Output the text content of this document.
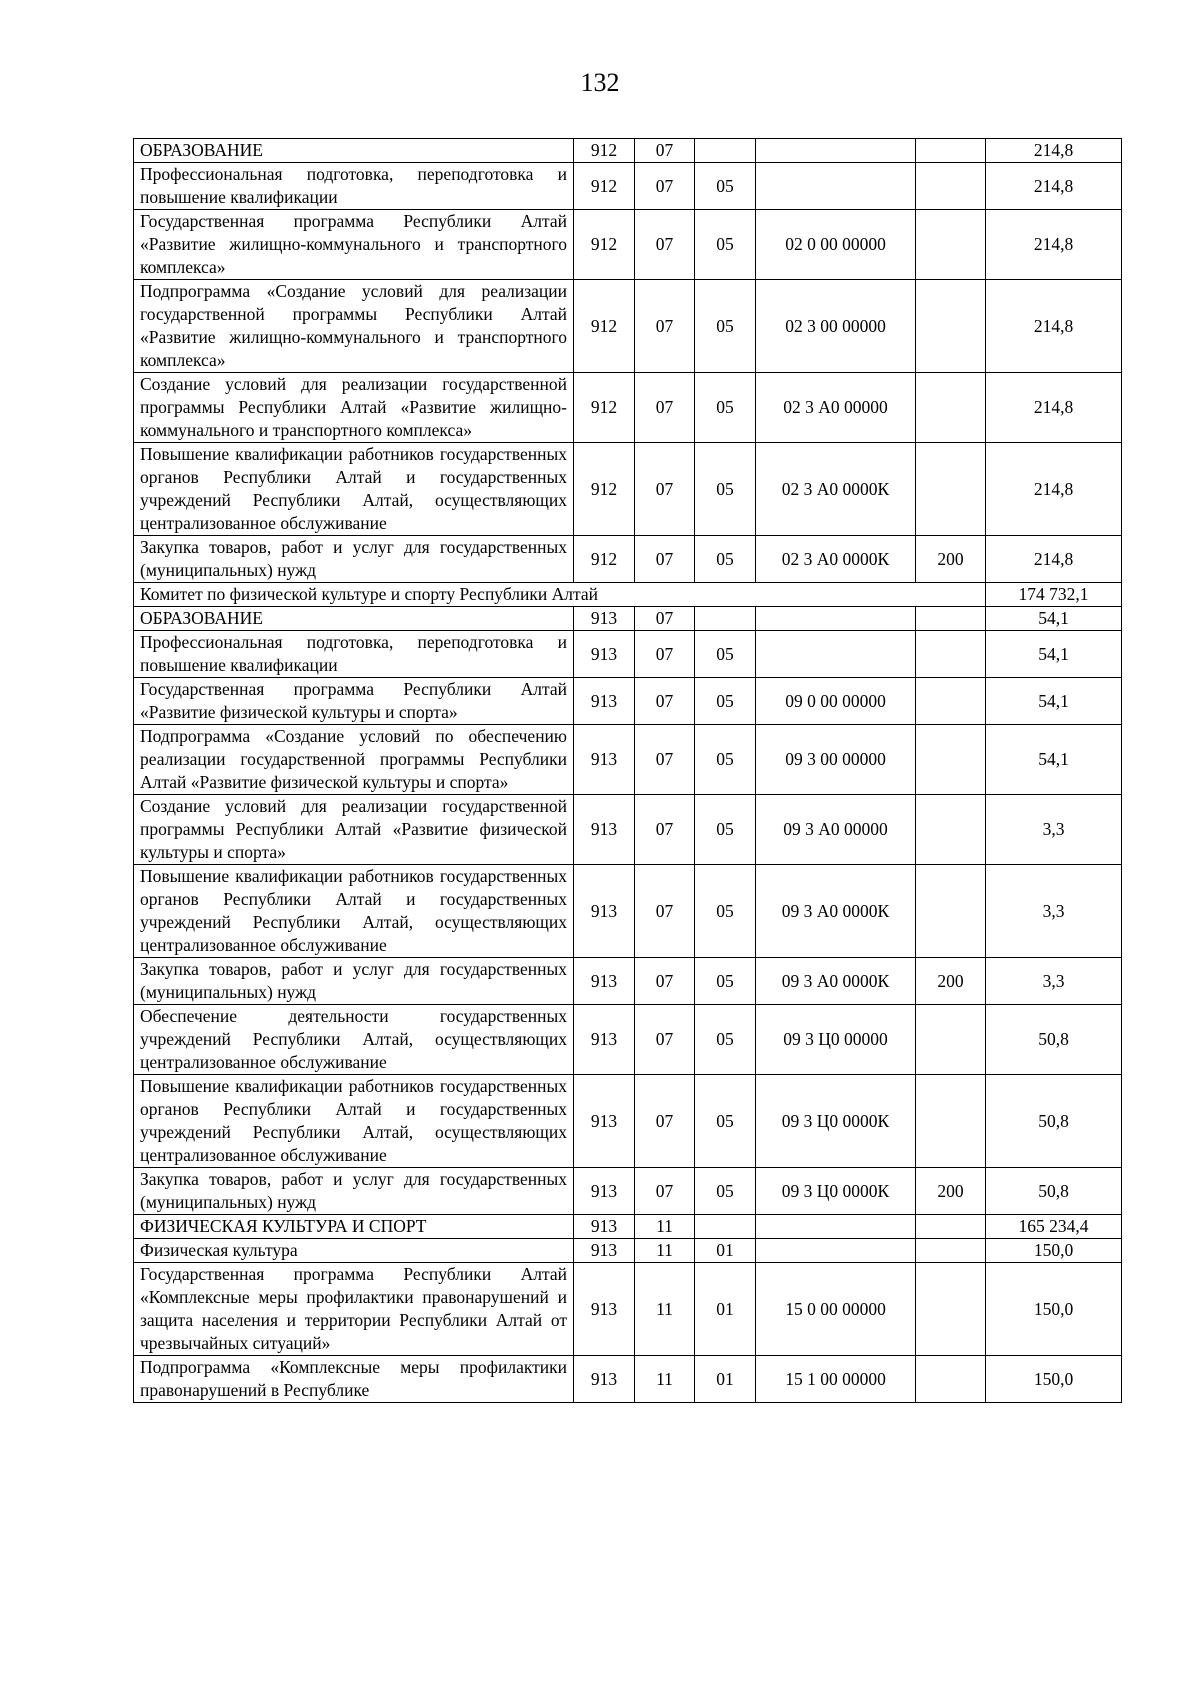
132
ОБРАЗОВАНИЕ	912	07				214,8
Профессиональная подготовка, переподготовка и повышение квалификации	912	07	05			214,8
Государственная программа Республики Алтай «Развитие жилищно-коммунального и транспортного комплекса»	912	07	05	02 0 00 00000		214,8
Подпрограмма «Создание условий для реализации государственной программы Республики Алтай «Развитие жилищно-коммунального и транспортного комплекса»	912	07	05	02 3 00 00000		214,8
Создание условий для реализации государственной программы Республики Алтай «Развитие жилищно-коммунального и транспортного комплекса»	912	07	05	02 3 А0 00000		214,8
Повышение квалификации работников государственных органов Республики Алтай и государственных учреждений Республики Алтай, осуществляющих централизованное обслуживание	912	07	05	02 3 А0 0000К		214,8
Закупка товаров, работ и услуг для государственных (муниципальных) нужд	912	07	05	02 3 А0 0000К	200	214,8
Комитет по физической культуре и спорту Республики Алтай						174 732,1
ОБРАЗОВАНИЕ	913	07				54,1
Профессиональная подготовка, переподготовка и повышение квалификации	913	07	05			54,1
Государственная программа Республики Алтай «Развитие физической культуры и спорта»	913	07	05	09 0 00 00000		54,1
Подпрограмма «Создание условий по обеспечению реализации государственной программы Республики Алтай «Развитие физической культуры и спорта»	913	07	05	09 3 00 00000		54,1
Создание условий для реализации государственной программы Республики Алтай «Развитие физической культуры и спорта»	913	07	05	09 3 А0 00000		3,3
Повышение квалификации работников государственных органов Республики Алтай и государственных учреждений Республики Алтай, осуществляющих централизованное обслуживание	913	07	05	09 3 А0 0000К		3,3
Закупка товаров, работ и услуг для государственных (муниципальных) нужд	913	07	05	09 3 А0 0000К	200	3,3
Обеспечение деятельности государственных учреждений Республики Алтай, осуществляющих централизованное обслуживание	913	07	05	09 3 Ц0 00000		50,8
Повышение квалификации работников государственных органов Республики Алтай и государственных учреждений Республики Алтай, осуществляющих централизованное обслуживание	913	07	05	09 3 Ц0 0000К		50,8
Закупка товаров, работ и услуг для государственных (муниципальных) нужд	913	07	05	09 3 Ц0 0000К	200	50,8
ФИЗИЧЕСКАЯ КУЛЬТУРА И СПОРТ	913	11				165 234,4
Физическая культура	913	11	01			150,0
Государственная программа Республики Алтай «Комплексные меры профилактики правонарушений и защита населения и территории Республики Алтай от чрезвычайных ситуаций»	913	11	01	15 0 00 00000		150,0
Подпрограмма «Комплексные меры профилактики правонарушений в Республике	913	11	01	15 1 00 00000		150,0
